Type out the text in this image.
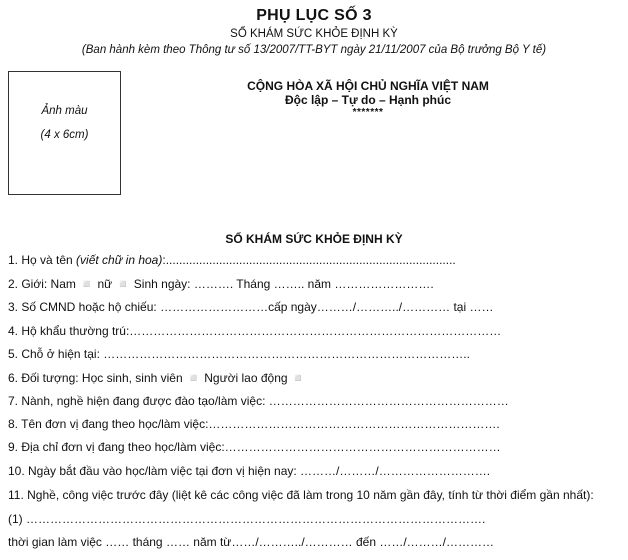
PHỤ LỤC SỐ 3
SỔ KHÁM SỨC KHỎE ĐỊNH KỲ
(Ban hành kèm theo Thông tư số 13/2007/TT-BYT ngày 21/11/2007 của Bộ trưởng Bộ Y tế)
Ảnh màu
(4 x 6cm)
CỘNG HÒA XÃ HỘI CHỦ NGHĨA VIỆT NAM
Độc lập – Tự do – Hạnh phúc
*******
SỔ KHÁM SỨC KHỎE ĐỊNH KỲ
1. Họ và tên (viết chữ in hoa):.......................................................................................
2. Giới: Nam ◽ nữ ◽ Sinh ngày: ………. Tháng …….. năm …………………….
3. Số CMND hoặc hộ chiếu: ………………………cấp ngày………/………../………… tại ……
4. Hộ khẩu thường trú:…………………………………………………………………………………
5. Chỗ ở hiện tại: ………………………………………………………………………………..
6. Đối tượng: Học sinh, sinh viên ◽ Người lao động ◽
7. Nành, nghề hiện đang được đào tạo/làm việc: ……………………………………………………
8. Tên đơn vị đang theo học/làm việc:……………………………………………………………….
9. Địa chỉ đơn vị đang theo học/làm việc:……………………………………………………………
10. Ngày bắt đầu vào học/làm việc tại đơn vị hiện nay: ………/………/……………………….
11. Nghề, công việc trước đây (liệt kê các công việc đã làm trong 10 năm gần đây, tính từ thời điểm gần nhất):
(1) …………………………………………………………………………………………………….
thời gian làm việc …… tháng …… năm từ……/………../………… đến ……/………/…………
